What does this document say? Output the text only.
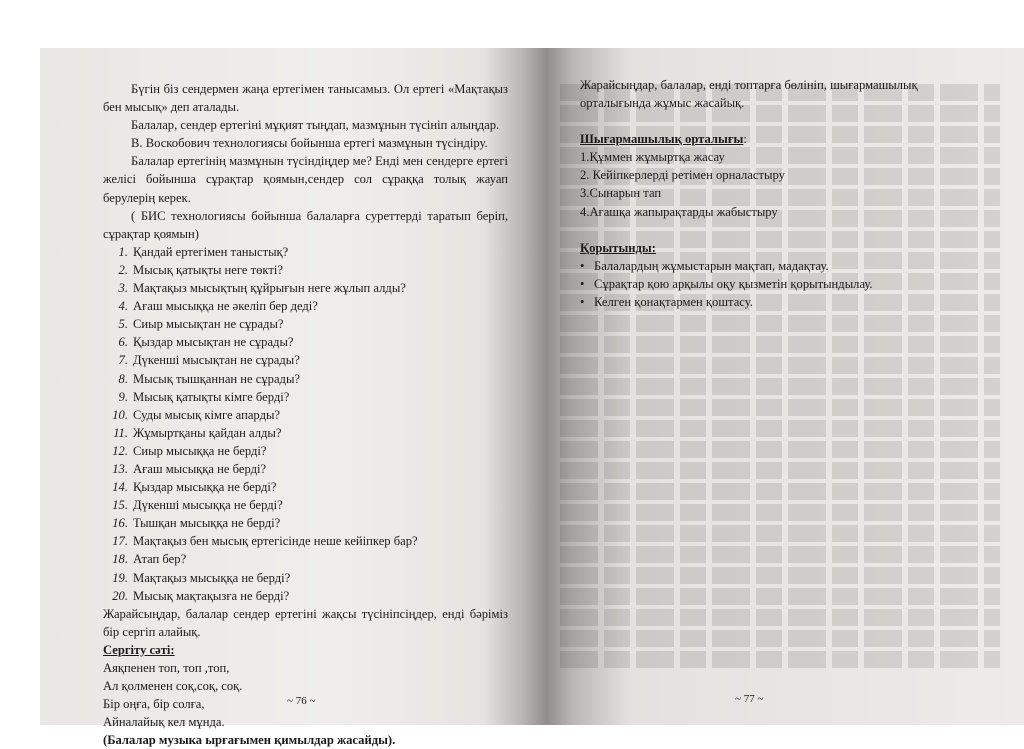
Бүгін біз сендермен жаңа ертегімен танысамыз. Ол ертегі «Мақтақыз бен мысық» деп аталады.

Балалар, сендер ертегіні мұқият тыңдап, мазмұнын түсініп алыңдар.

В. Воскобович технологиясы бойынша ертегі мазмұнын түсіндіру.

Балалар ертегінің мазмұнын түсіндіңдер ме? Енді мен сендерге ертегі желісі бойынша сұрақтар қоямын,сендер сол сұраққа толық жауап берулерің керек.

( БИС технологиясы бойынша балаларға суреттерді таратып беріп, сұрақтар қоямын)

1. Қандай ертегімен таныстық?

2. Мысық қатықты неге төкті?

3. Мақтақыз мысықтың құйрығын неге жұлып алды?

4. Ағаш мысыққа не әкеліп бер деді?

5. Сиыр мысықтан не сұрады?

6. Қыздар мысықтан не сұрады?

7. Дүкенші мысықтан не сұрады?

8. Мысық тышқаннан не сұрады?

9. Мысық қатықты кімге берді?

10. Суды мысық кімге апарды?

11. Жұмыртқаны қайдан алды?

12. Сиыр мысыққа не берді?

13. Ағаш мысыққа не берді?

14. Қыздар мысыққа не берді?

15. Дүкенші мысыққа не берді?

16. Тышқан мысыққа не берді?

17. Мақтақыз бен мысық ертегісінде неше кейіпкер бар?

18. Атап бер?

19. Мақтақыз мысыққа не берді?

20. Мысық мақтақызға не берді?

Жарайсыңдар, балалар сендер ертегіні жақсы түсініпсіңдер, енді бәріміз бір сергіп алайық.

Сергіту сәті:

Аяқпенен топ, топ ,топ,

Ал қолменен соқ,соқ, соқ.

Бір оңға, бір солға,

Айналайық кел мұнда.

(Балалар музыка ырғағымен қимылдар жасайды).

~ 76 ~

Жарайсыңдар, балалар, енді топтарға бөлініп, шығармашылық

орталығында жұмыс жасайық.

Шығармашылық орталығы:

1.Құммен жұмыртқа жасау

2. Кейіпкерлерді ретімен орналастыру

3.Сынарын тап

4.Ағашқа жапырақтарды жабыстыру

Қорытынды:

• Балалардың жұмыстарын мақтап, мадақтау.

• Сұрақтар қою арқылы оқу қызметін қорытындылау.

• Келген қонақтармен қоштасу.

~ 77 ~
